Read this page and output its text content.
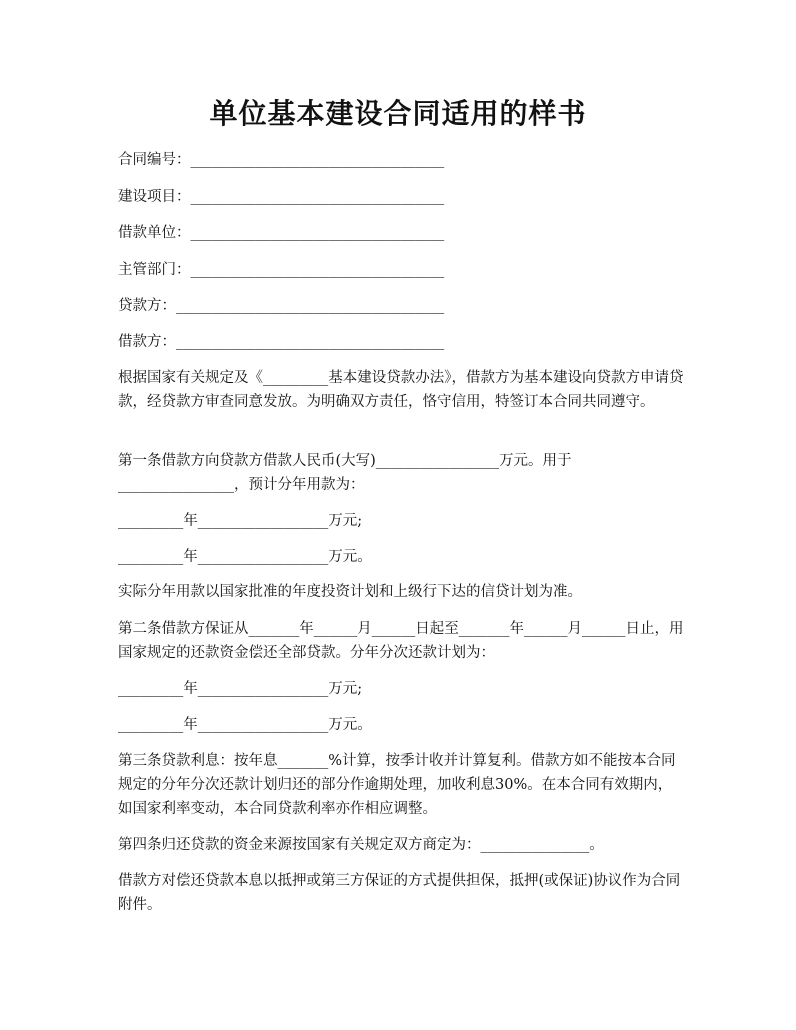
单位基本建设合同适用的样书
合同编号：___________________________________
建设项目：___________________________________
借款单位：___________________________________
主管部门：___________________________________
贷款方：_____________________________________
借款方：_____________________________________

根据国家有关规定及《_________基本建设贷款办法》，借款方为基本建设向贷款方申请贷款，经贷款方审查同意发放。为明确双方责任，恪守信用，特签订本合同共同遵守。

第一条借款方向贷款方借款人民币(大写)_________________万元。用于________________，预计分年用款为：

_________年__________________万元;

_________年__________________万元。

实际分年用款以国家批准的年度投资计划和上级行下达的信贷计划为准。

第二条借款方保证从_______年______月______日起至_______年______月______日止，用国家规定的还款资金偿还全部贷款。分年分次还款计划为：

_________年__________________万元;

_________年__________________万元。

第三条贷款利息：按年息_______%计算，按季计收并计算复利。借款方如不能按本合同规定的分年分次还款计划归还的部分作逾期处理，加收利息30%。在本合同有效期内，如国家利率变动，本合同贷款利率亦作相应调整。

第四条归还贷款的资金来源按国家有关规定双方商定为：_______________。

借款方对偿还贷款本息以抵押或第三方保证的方式提供担保，抵押(或保证)协议作为合同附件。
